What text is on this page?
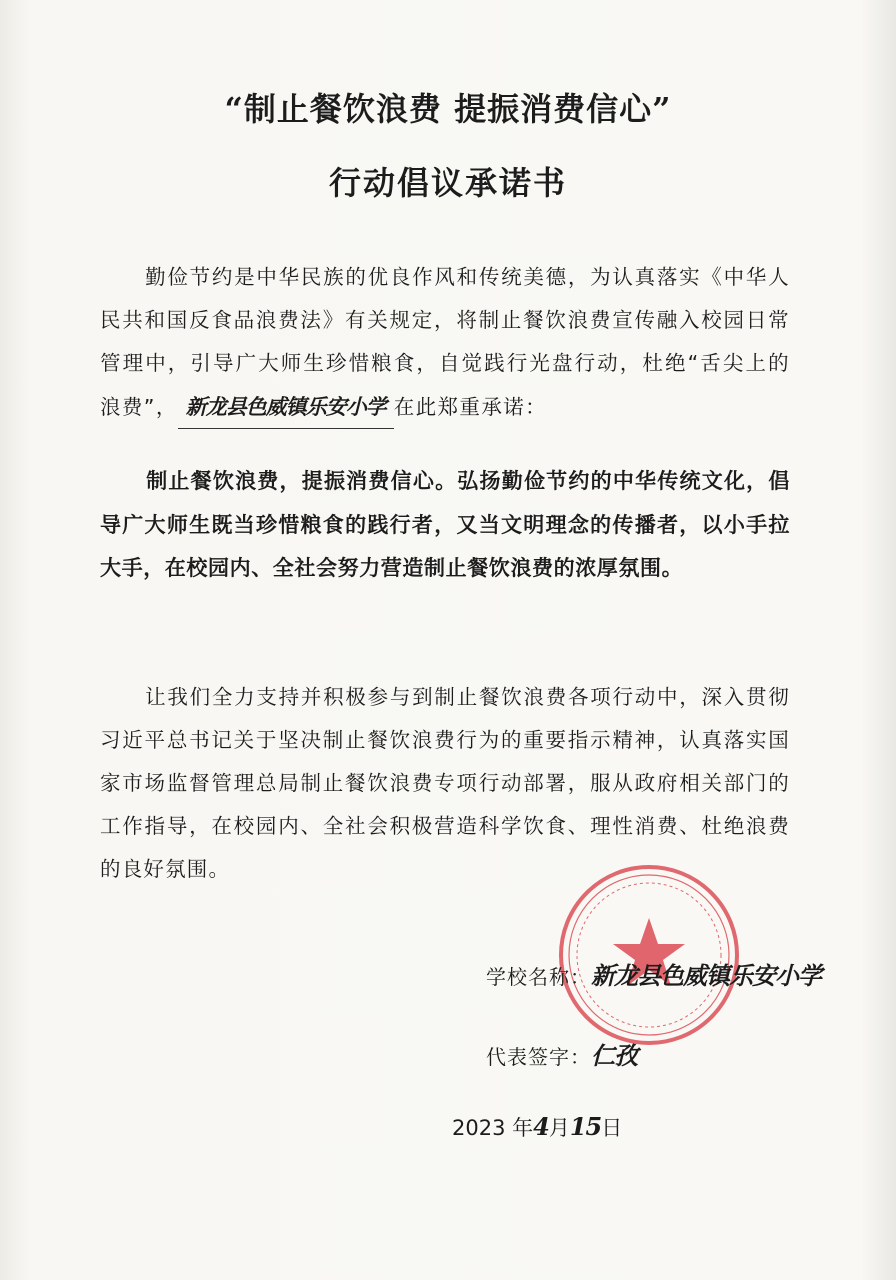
“制止餐饮浪费 提振消费信心”
行动倡议承诺书
勤俭节约是中华民族的优良作风和传统美德，为认真落实《中华人民共和国反食品浪费法》有关规定，将制止餐饮浪费宣传融入校园日常管理中，引导广大师生珍惜粮食，自觉践行光盘行动，杜绝“舌尖上的浪费”， 新龙县色威镇乐安小学 在此郑重承诺：
制止餐饮浪费，提振消费信心。弘扬勤俭节约的中华传统文化，倡导广大师生既当珍惜粮食的践行者，又当文明理念的传播者，以小手拉大手，在校园内、全社会努力营造制止餐饮浪费的浓厚氛围。
让我们全力支持并积极参与到制止餐饮浪费各项行动中，深入贯彻习近平总书记关于坚决制止餐饮浪费行为的重要指示精神，认真落实国家市场监督管理总局制止餐饮浪费专项行动部署，服从政府相关部门的工作指导，在校园内、全社会积极营造科学饮食、理性消费、杜绝浪费的良好氛围。
学校名称：新龙县色威镇乐安小学
代表签字：仁孜
2023 年4月15日
